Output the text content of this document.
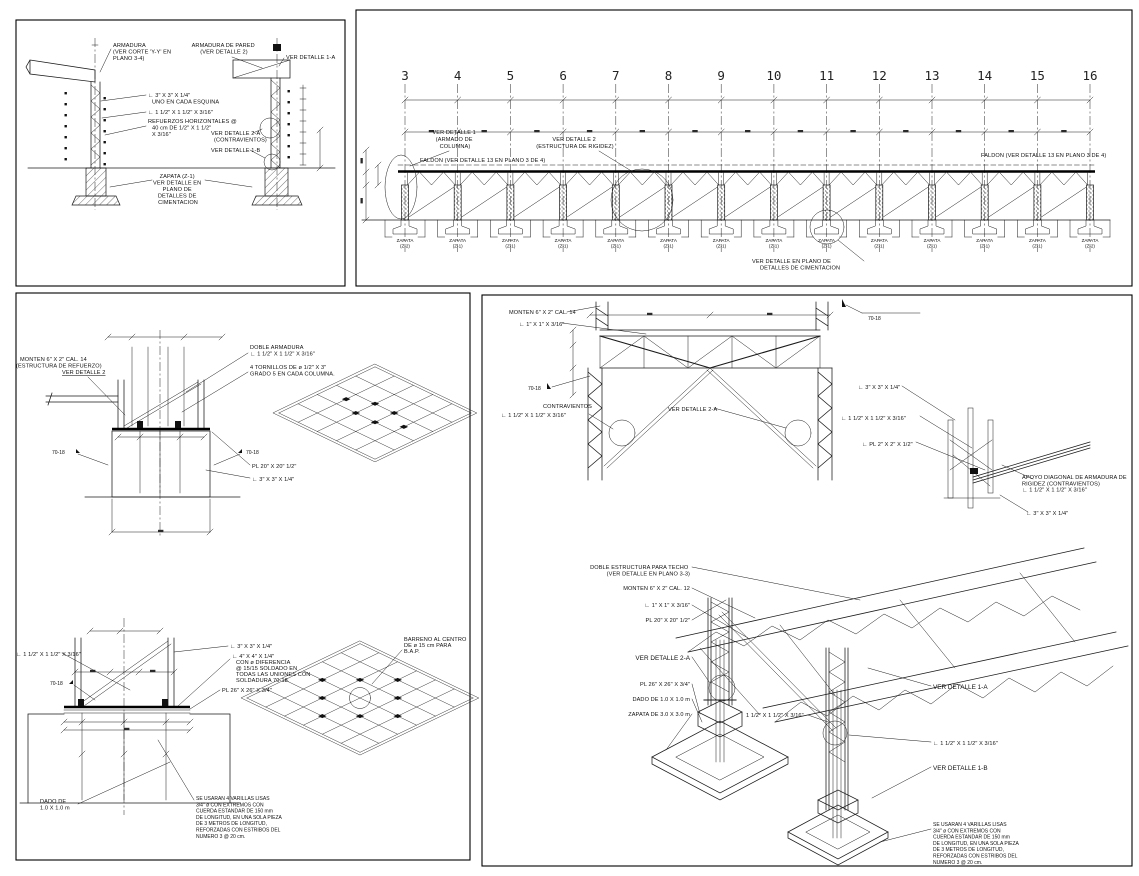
ARMADURA (VER CORTE 'Y-Y' EN PLANO 3-4)
∟ 3" X 3" X 1/4" UNO EN CADA ESQUINA
∟ 1 1/2" X 1 1/2" X 3/16"
REFUERZOS HORIZONTALES @ 40 cm DE 1/2" X 1 1/2" X 3/16"
ARMADURA DE PARED (VER DETALLE 2)
VER DETALLE 1-A
VER DETALLE 2-A (CONTRAVIENTOS)
VER DETALLE 1-B
ZAPATA (Z-1) VER DETALLE EN PLANO DE DETALLES DE CIMENTACION
3	4	5	6	7	8	9	10	11	12	13	14	15	16
FALDON (VER DETALLE 13 EN PLANO 3 DE 4)
FALDON (VER DETALLE 13 EN PLANO 3 DE 4)
ZAPATA (Z-2)
ZAPATA (Z-1)
ZAPATA (Z-1)
ZAPATA (Z-1)
ZAPATA (Z-1)
ZAPATA (Z-1)
ZAPATA (Z-1)
ZAPATA (Z-1)
ZAPATA (Z-1)
ZAPATA (Z-1)
ZAPATA (Z-1)
ZAPATA (Z-1)
ZAPATA (Z-1)
ZAPATA (Z-2)
VER DETALLE 1 (ARMADO DE COLUMNA)
VER DETALLE 2 (ESTRUCTURA DE RIGIDEZ)
VER DETALLE EN PLANO DE DETALLES DE CIMENTACION
MONTEN 6" X 2" CAL. 14 (ESTRUCTURA DE REFUERZO) VER DETALLE 2
DOBLE ARMADURA ∟ 1 1/2" X 1 1/2" X 3/16"
4 TORNILLOS DE ø 1/2" X 3" GRADO 5 EN CADA COLUMNA.
70-18	70-18
PL 20" X 20" 1/2"
∟ 3" X 3" X 1/4"
∟ 1 1/2" X 1 1/2" X 3/16"
70-18
DADO DE 1.0 X 1.0 m
∟ 3" X 3" X 1/4"
∟ 4" X 4" X 1/4" CON ø DIFERENCIA @ 15/15 SOLDADO EN TODAS LAS UNIONES CON SOLDADURA 70-18.
PL 26" X 26" X 3/4"
BARRENO AL CENTRO DE ø 15 cm PARA B.A.P.
SE USARAN 4 VARILLAS LISAS 3/4" ø CON EXTREMOS CON CUERDA ESTANDAR DE 150 mm DE LONGITUD, EN UNA SOLA PIEZA DE 3 METROS DE LONGITUD, REFORZADAS CON ESTRIBOS DEL NUMERO 3 @ 20 cm.
MONTEN 6" X 2" CAL. 14
∟ 1" X 1" X 3/16"
70-18
70-18
CONTRAVIENTOS ∟ 1 1/2" X 1 1/2" X 3/16"
VER DETALLE 2-A
∟ 3" X 3" X 1/4"
∟ 1 1/2" X 1 1/2" X 3/16"
∟ PL 2" X 2" X 1/2"
APOYO DIAGONAL DE ARMADURA DE RIGIDEZ (CONTRAVIENTOS) ∟ 1 1/2" X 1 1/2" X 3/16"
∟ 3" X 3" X 1/4"
DOBLE ESTRUCTURA PARA TECHO (VER DETALLE EN PLANO 3-3)
MONTEN 6" X 2" CAL. 12
∟ 1" X 1" X 3/16"
PL 20" X 20" 1/2"
VER DETALLE 2-A
PL 26" X 26" X 3/4"
DADO DE 1.0 X 1.0 m
ZAPATA DE 3.0 X 3.0 m	1 1/2" X 1 1/2" X 3/16"
VER DETALLE 1-A
∟ 1 1/2" X 1 1/2" X 3/16"
VER DETALLE 1-B
SE USARAN 4 VARILLAS LISAS 3/4" ø CON EXTREMOS CON CUERDA ESTANDAR DE 150 mm DE LONGITUD, EN UNA SOLA PIEZA DE 3 METROS DE LONGITUD, REFORZADAS CON ESTRIBOS DEL NUMERO 3 @ 20 cm.
